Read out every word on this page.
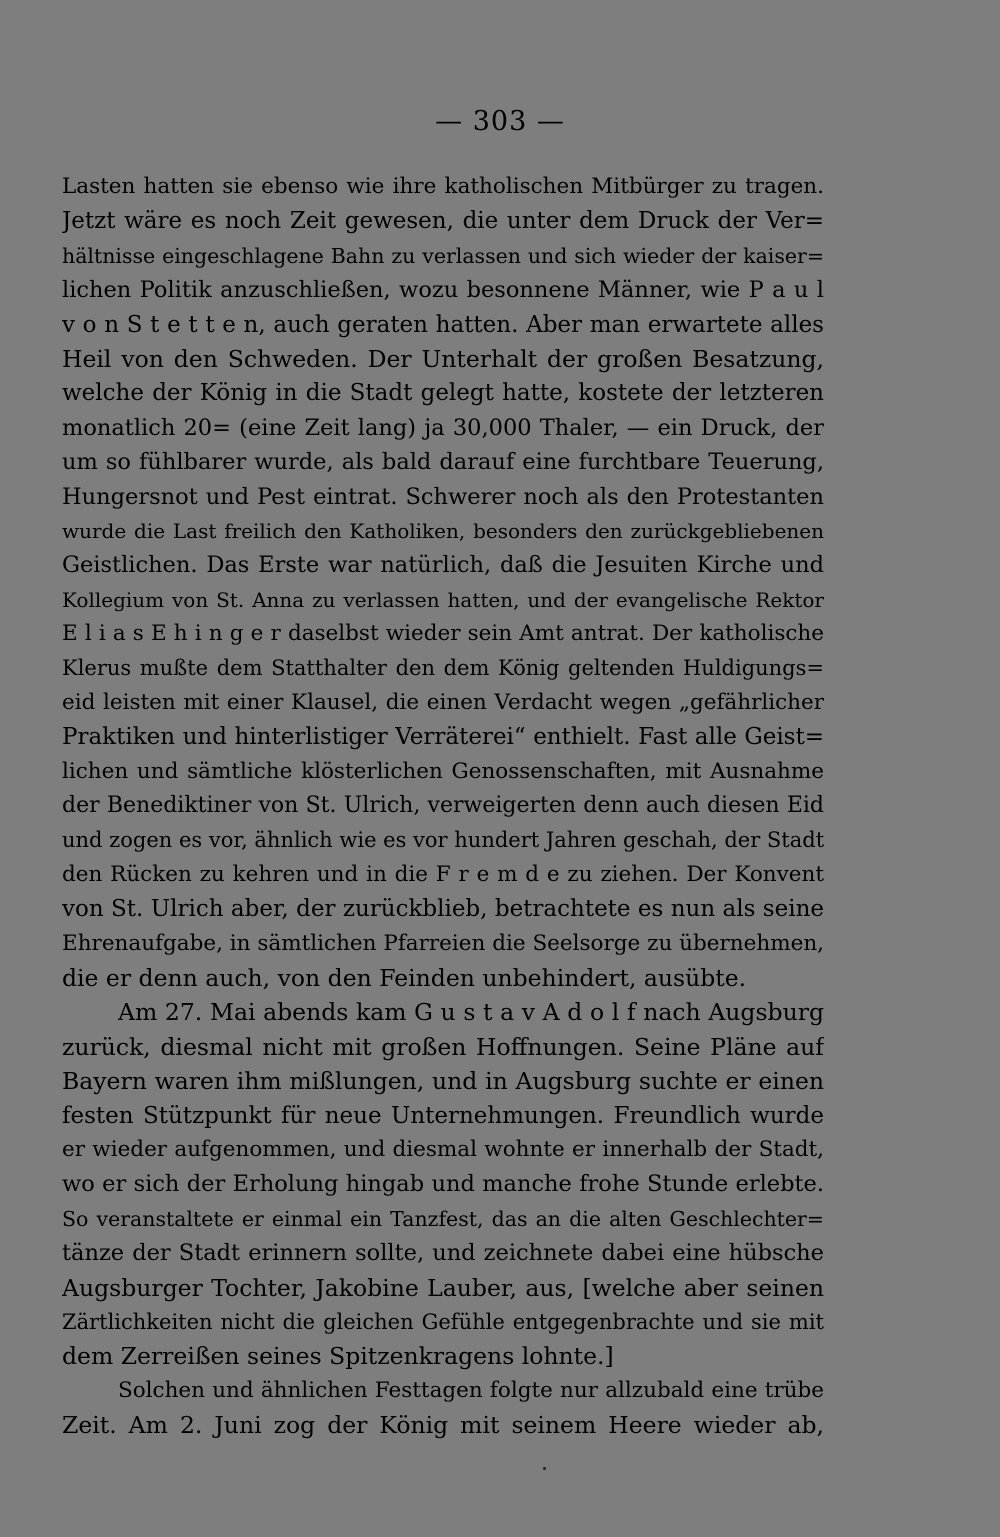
— 303 —
Lasten hatten sie ebenso wie ihre katholischen Mitbürger zu tragen.
Jetzt wäre es noch Zeit gewesen, die unter dem Druck der Ver=
hältnisse eingeschlagene Bahn zu verlassen und sich wieder der kaiser=
lichen Politik anzuschließen, wozu besonnene Männer, wie P a u l
v o n S t e t t e n, auch geraten hatten. Aber man erwartete alles
Heil von den Schweden. Der Unterhalt der großen Besatzung,
welche der König in die Stadt gelegt hatte, kostete der letzteren
monatlich 20= (eine Zeit lang) ja 30,000 Thaler, — ein Druck, der
um so fühlbarer wurde, als bald darauf eine furchtbare Teuerung,
Hungersnot und Pest eintrat. Schwerer noch als den Protestanten
wurde die Last freilich den Katholiken, besonders den zurückgebliebenen
Geistlichen. Das Erste war natürlich, daß die Jesuiten Kirche und
Kollegium von St. Anna zu verlassen hatten, und der evangelische Rektor
E l i a s E h i n g e r daselbst wieder sein Amt antrat. Der katholische
Klerus mußte dem Statthalter den dem König geltenden Huldigungs=
eid leisten mit einer Klausel, die einen Verdacht wegen „gefährlicher
Praktiken und hinterlistiger Verräterei“ enthielt. Fast alle Geist=
lichen und sämtliche klösterlichen Genossenschaften, mit Ausnahme
der Benediktiner von St. Ulrich, verweigerten denn auch diesen Eid
und zogen es vor, ähnlich wie es vor hundert Jahren geschah, der Stadt
den Rücken zu kehren und in die F r e m d e zu ziehen. Der Konvent
von St. Ulrich aber, der zurückblieb, betrachtete es nun als seine
Ehrenaufgabe, in sämtlichen Pfarreien die Seelsorge zu übernehmen,
die er denn auch, von den Feinden unbehindert, ausübte.
Am 27. Mai abends kam G u s t a v A d o l f nach Augsburg
zurück, diesmal nicht mit großen Hoffnungen. Seine Pläne auf
Bayern waren ihm mißlungen, und in Augsburg suchte er einen
festen Stützpunkt für neue Unternehmungen. Freundlich wurde
er wieder aufgenommen, und diesmal wohnte er innerhalb der Stadt,
wo er sich der Erholung hingab und manche frohe Stunde erlebte.
So veranstaltete er einmal ein Tanzfest, das an die alten Geschlechter=
tänze der Stadt erinnern sollte, und zeichnete dabei eine hübsche
Augsburger Tochter, Jakobine Lauber, aus, [welche aber seinen
Zärtlichkeiten nicht die gleichen Gefühle entgegenbrachte und sie mit
dem Zerreißen seines Spitzenkragens lohnte.]
Solchen und ähnlichen Festtagen folgte nur allzubald eine trübe
Zeit. Am 2. Juni zog der König mit seinem Heere wieder ab,
